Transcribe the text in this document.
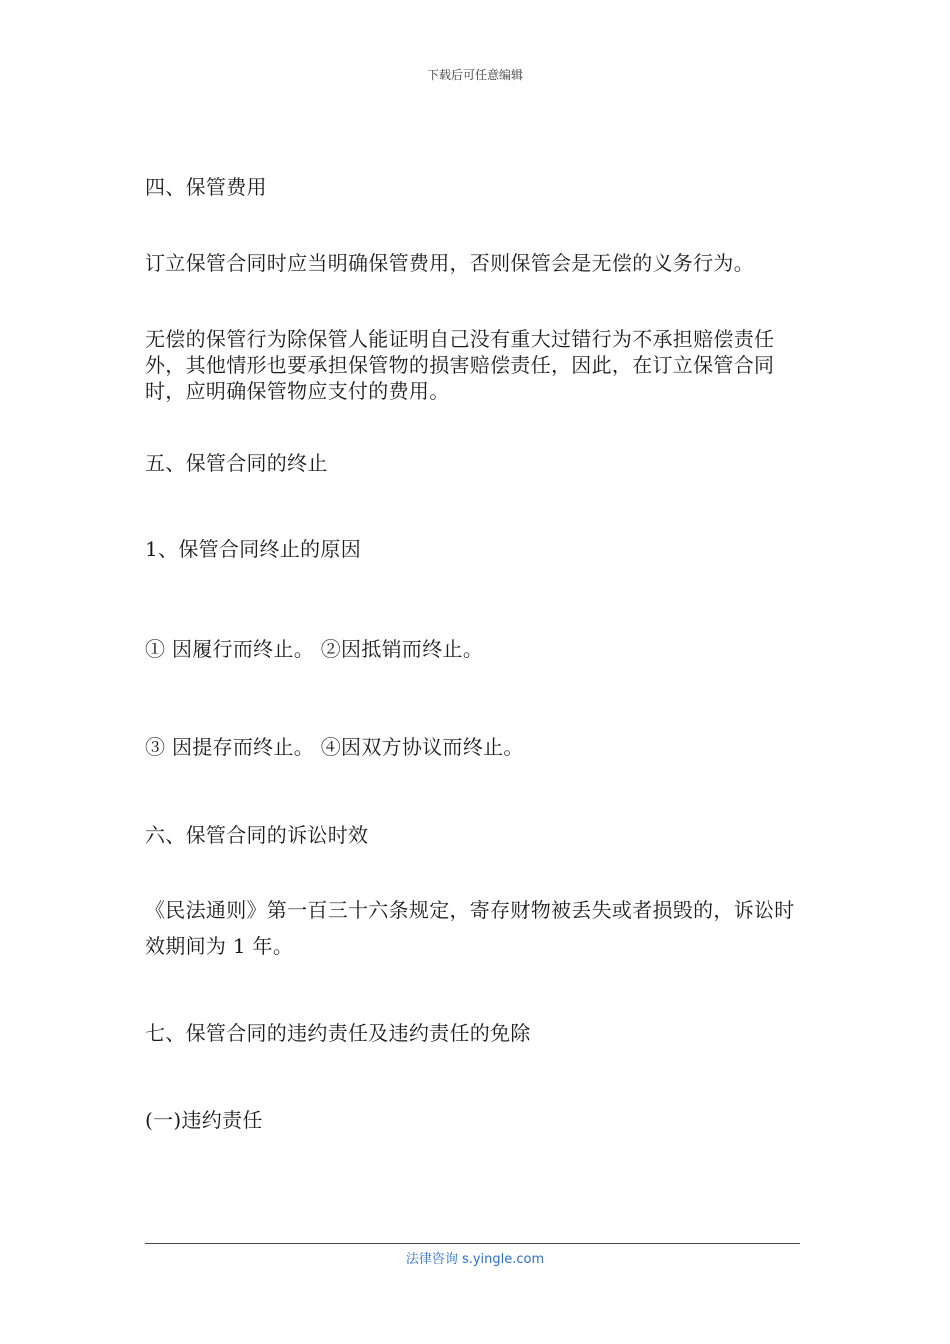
下载后可任意编辑

四、保管费用

订立保管合同时应当明确保管费用，否则保管会是无偿的义务行为。

无偿的保管行为除保管人能证明自己没有重大过错行为不承担赔偿责任外，其他情形也要承担保管物的损害赔偿责任，因此，在订立保管合同时，应明确保管物应支付的费用。

五、保管合同的终止

1、保管合同终止的原因

① 因履行而终止。 ②因抵销而终止。

③ 因提存而终止。 ④因双方协议而终止。

六、保管合同的诉讼时效

《民法通则》第一百三十六条规定，寄存财物被丢失或者损毁的，诉讼时效期间为 1 年。

七、保管合同的违约责任及违约责任的免除

(一)违约责任

法律咨询 s.yingle.com
